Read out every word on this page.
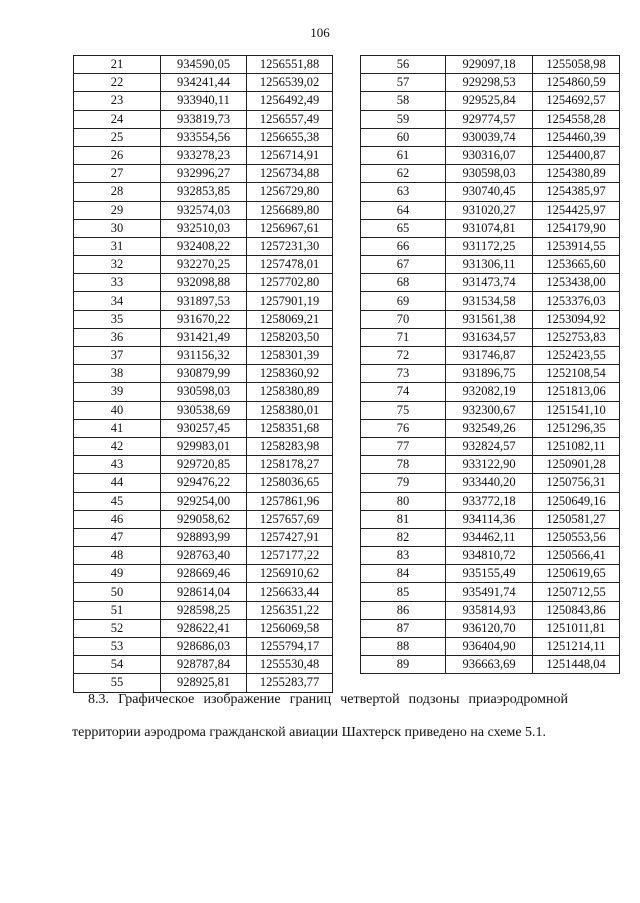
106
21	934590,05	1256551,88
22	934241,44	1256539,02
23	933940,11	1256492,49
24	933819,73	1256557,49
25	933554,56	1256655,38
26	933278,23	1256714,91
27	932996,27	1256734,88
28	932853,85	1256729,80
29	932574,03	1256689,80
30	932510,03	1256967,61
31	932408,22	1257231,30
32	932270,25	1257478,01
33	932098,88	1257702,80
34	931897,53	1257901,19
35	931670,22	1258069,21
36	931421,49	1258203,50
37	931156,32	1258301,39
38	930879,99	1258360,92
39	930598,03	1258380,89
40	930538,69	1258380,01
41	930257,45	1258351,68
42	929983,01	1258283,98
43	929720,85	1258178,27
44	929476,22	1258036,65
45	929254,00	1257861,96
46	929058,62	1257657,69
47	928893,99	1257427,91
48	928763,40	1257177,22
49	928669,46	1256910,62
50	928614,04	1256633,44
51	928598,25	1256351,22
52	928622,41	1256069,58
53	928686,03	1255794,17
54	928787,84	1255530,48
55	928925,81	1255283,77
56	929097,18	1255058,98
57	929298,53	1254860,59
58	929525,84	1254692,57
59	929774,57	1254558,28
60	930039,74	1254460,39
61	930316,07	1254400,87
62	930598,03	1254380,89
63	930740,45	1254385,97
64	931020,27	1254425,97
65	931074,81	1254179,90
66	931172,25	1253914,55
67	931306,11	1253665,60
68	931473,74	1253438,00
69	931534,58	1253376,03
70	931561,38	1253094,92
71	931634,57	1252753,83
72	931746,87	1252423,55
73	931896,75	1252108,54
74	932082,19	1251813,06
75	932300,67	1251541,10
76	932549,26	1251296,35
77	932824,57	1251082,11
78	933122,90	1250901,28
79	933440,20	1250756,31
80	933772,18	1250649,16
81	934114,36	1250581,27
82	934462,11	1250553,56
83	934810,72	1250566,41
84	935155,49	1250619,65
85	935491,74	1250712,55
86	935814,93	1250843,86
87	936120,70	1251011,81
88	936404,90	1251214,11
89	936663,69	1251448,04
8.3. Графическое изображение границ четвертой подзоны приаэродромной
территории аэродрома гражданской авиации Шахтерск приведено на схеме 5.1.
